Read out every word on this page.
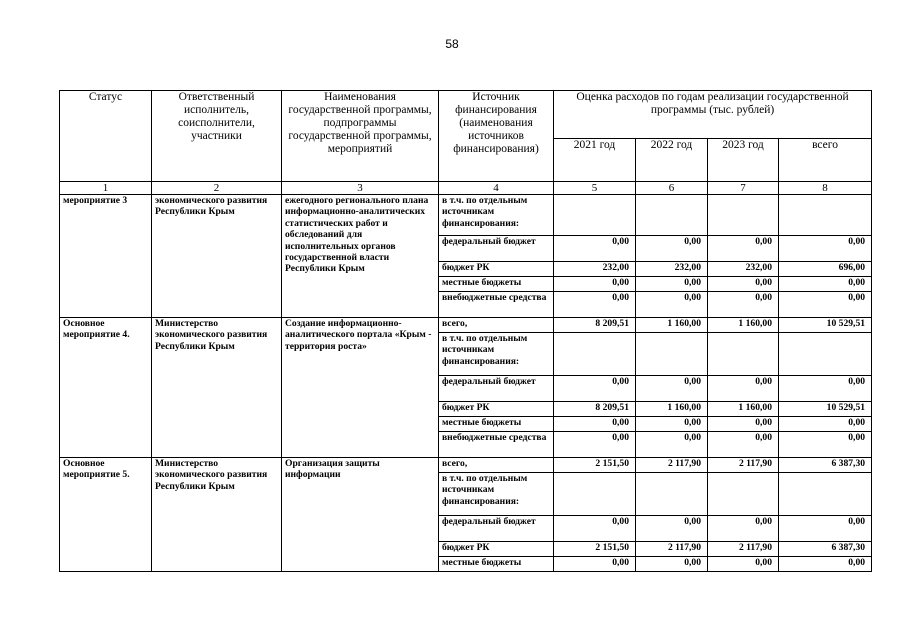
58
Статус	Ответственный исполнитель, соисполнители, участники	Наименования государственной программы, подпрограммы государственной программы, мероприятий	Источник финансирования (наименования источников финансирования)	Оценка расходов по годам реализации государственной программы (тыс. рублей)			
				2021 год	2022 год	2023 год	всего
1	2	3	4	5	6	7	8
мероприятие 3	экономического развития Республики Крым	ежегодного регионального плана информационно-аналитических статистических работ и обследований для исполнительных органов государственной власти Республики Крым	в т.ч. по отдельным источникам финансирования:				
			федеральный бюджет	0,00	0,00	0,00	0,00
			бюджет РК	232,00	232,00	232,00	696,00
			местные бюджеты	0,00	0,00	0,00	0,00
			внебюджетные средства	0,00	0,00	0,00	0,00
Основное мероприятие 4.	Министерство экономического развития Республики Крым	Создание информационно-аналитического портала «Крым - территория роста»	всего,	8 209,51	1 160,00	1 160,00	10 529,51
			в т.ч. по отдельным источникам финансирования:				
			федеральный бюджет	0,00	0,00	0,00	0,00
			бюджет РК	8 209,51	1 160,00	1 160,00	10 529,51
			местные бюджеты	0,00	0,00	0,00	0,00
			внебюджетные средства	0,00	0,00	0,00	0,00
Основное мероприятие 5.	Министерство экономического развития Республики Крым	Организация защиты информации	всего,	2 151,50	2 117,90	2 117,90	6 387,30
			в т.ч. по отдельным источникам финансирования:				
			федеральный бюджет	0,00	0,00	0,00	0,00
			бюджет РК	2 151,50	2 117,90	2 117,90	6 387,30
			местные бюджеты	0,00	0,00	0,00	0,00
